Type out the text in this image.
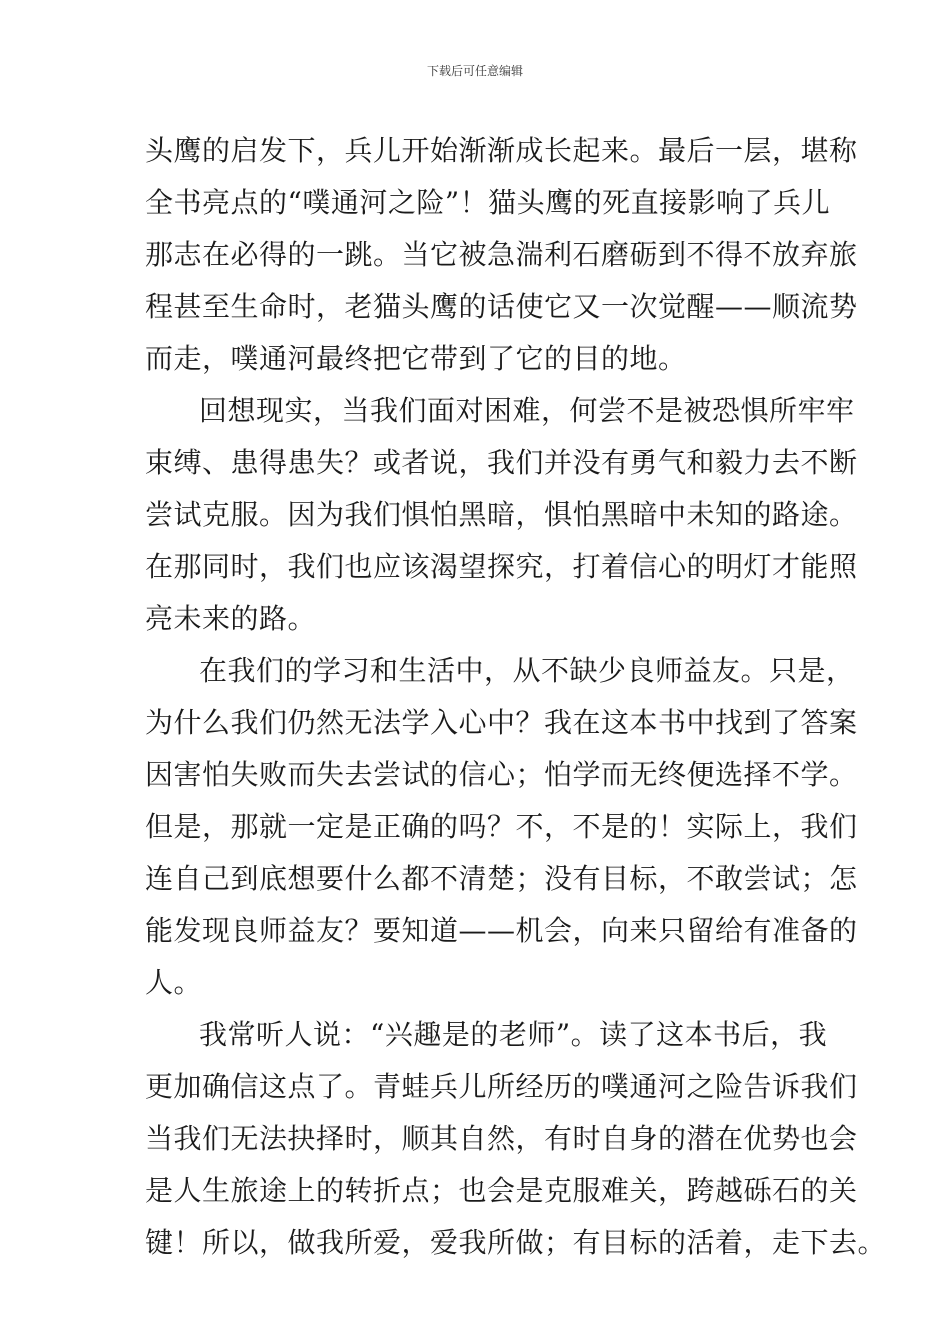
下载后可任意编辑
头鹰的启发下，兵儿开始渐渐成长起来。最后一层，堪称
全书亮点的“噗通河之险”！猫头鹰的死直接影响了兵儿
那志在必得的一跳。当它被急湍利石磨砺到不得不放弃旅
程甚至生命时，老猫头鹰的话使它又一次觉醒——顺流势
而走，噗通河最终把它带到了它的目的地。
回想现实，当我们面对困难，何尝不是被恐惧所牢牢
束缚、患得患失？或者说，我们并没有勇气和毅力去不断
尝试克服。因为我们惧怕黑暗，惧怕黑暗中未知的路途。
在那同时，我们也应该渴望探究，打着信心的明灯才能照
亮未来的路。
在我们的学习和生活中，从不缺少良师益友。只是，
为什么我们仍然无法学入心中？我在这本书中找到了答案
因害怕失败而失去尝试的信心；怕学而无终便选择不学。
但是，那就一定是正确的吗？不，不是的！实际上，我们
连自己到底想要什么都不清楚；没有目标，不敢尝试；怎
能发现良师益友？要知道——机会，向来只留给有准备的
人。
我常听人说：“兴趣是的老师”。读了这本书后，我
更加确信这点了。青蛙兵儿所经历的噗通河之险告诉我们
当我们无法抉择时，顺其自然，有时自身的潜在优势也会
是人生旅途上的转折点；也会是克服难关，跨越砾石的关
键！所以，做我所爱，爱我所做；有目标的活着，走下去。
